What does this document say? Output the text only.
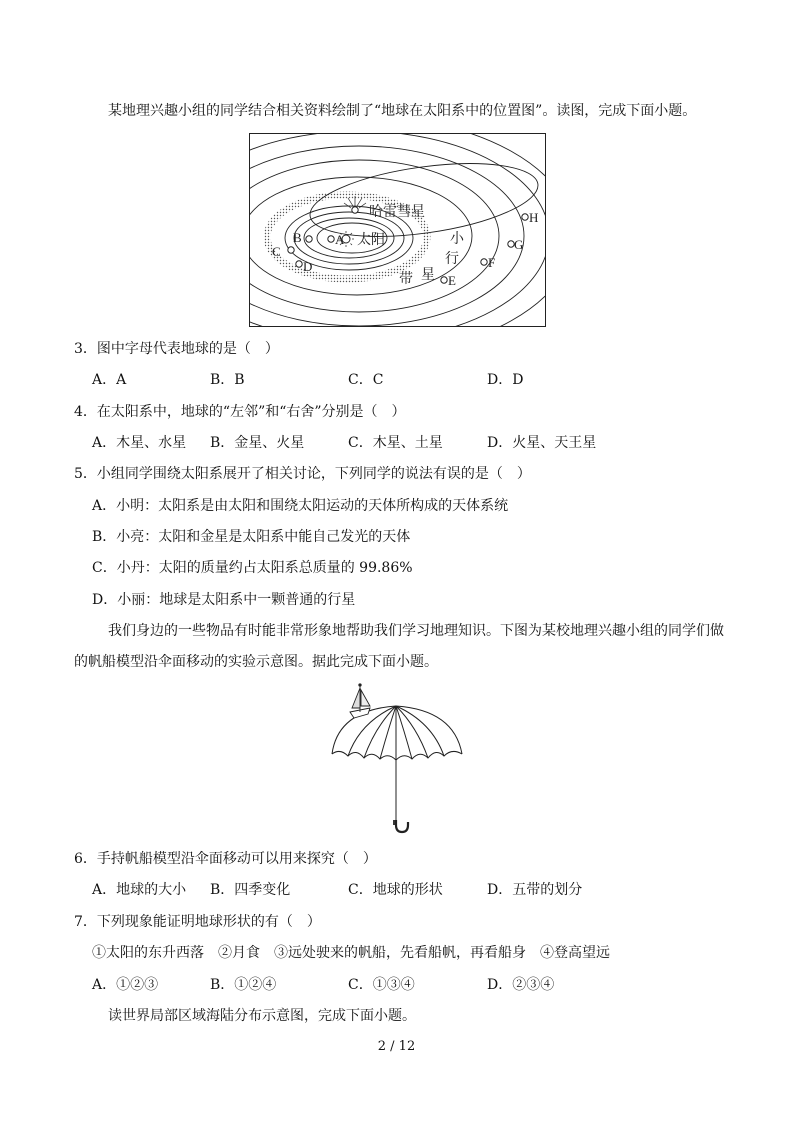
某地理兴趣小组的同学结合相关资料绘制了“地球在太阳系中的位置图”。读图，完成下面小题。
A
B
C
D
E
F
G
H
太阳
哈雷彗星
小
行
带 星
3．图中字母代表地球的是（　）
A．A	B．B	C．C	D．D
4．在太阳系中，地球的“左邻”和“右舍”分别是（　）
A．木星、水星 B．金星、火星	C．木星、土星	D．火星、天王星
5．小组同学围绕太阳系展开了相关讨论，下列同学的说法有误的是（　）
A．小明：太阳系是由太阳和围绕太阳运动的天体所构成的天体系统
B．小亮：太阳和金星是太阳系中能自己发光的天体
C．小丹：太阳的质量约占太阳系总质量的 99.86%
D．小丽：地球是太阳系中一颗普通的行星
我们身边的一些物品有时能非常形象地帮助我们学习地理知识。下图为某校地理兴趣小组的同学们做
的帆船模型沿伞面移动的实验示意图。据此完成下面小题。
6．手持帆船模型沿伞面移动可以用来探究（　）
A．地球的大小 B．四季变化	C．地球的形状	D．五带的划分
7．下列现象能证明地球形状的有（　）
①太阳的东升西落　②月食　③远处驶来的帆船，先看船帆，再看船身　④登高望远
A．①②③	B．①②④	C．①③④	D．②③④
读世界局部区域海陆分布示意图，完成下面小题。
2 / 12
